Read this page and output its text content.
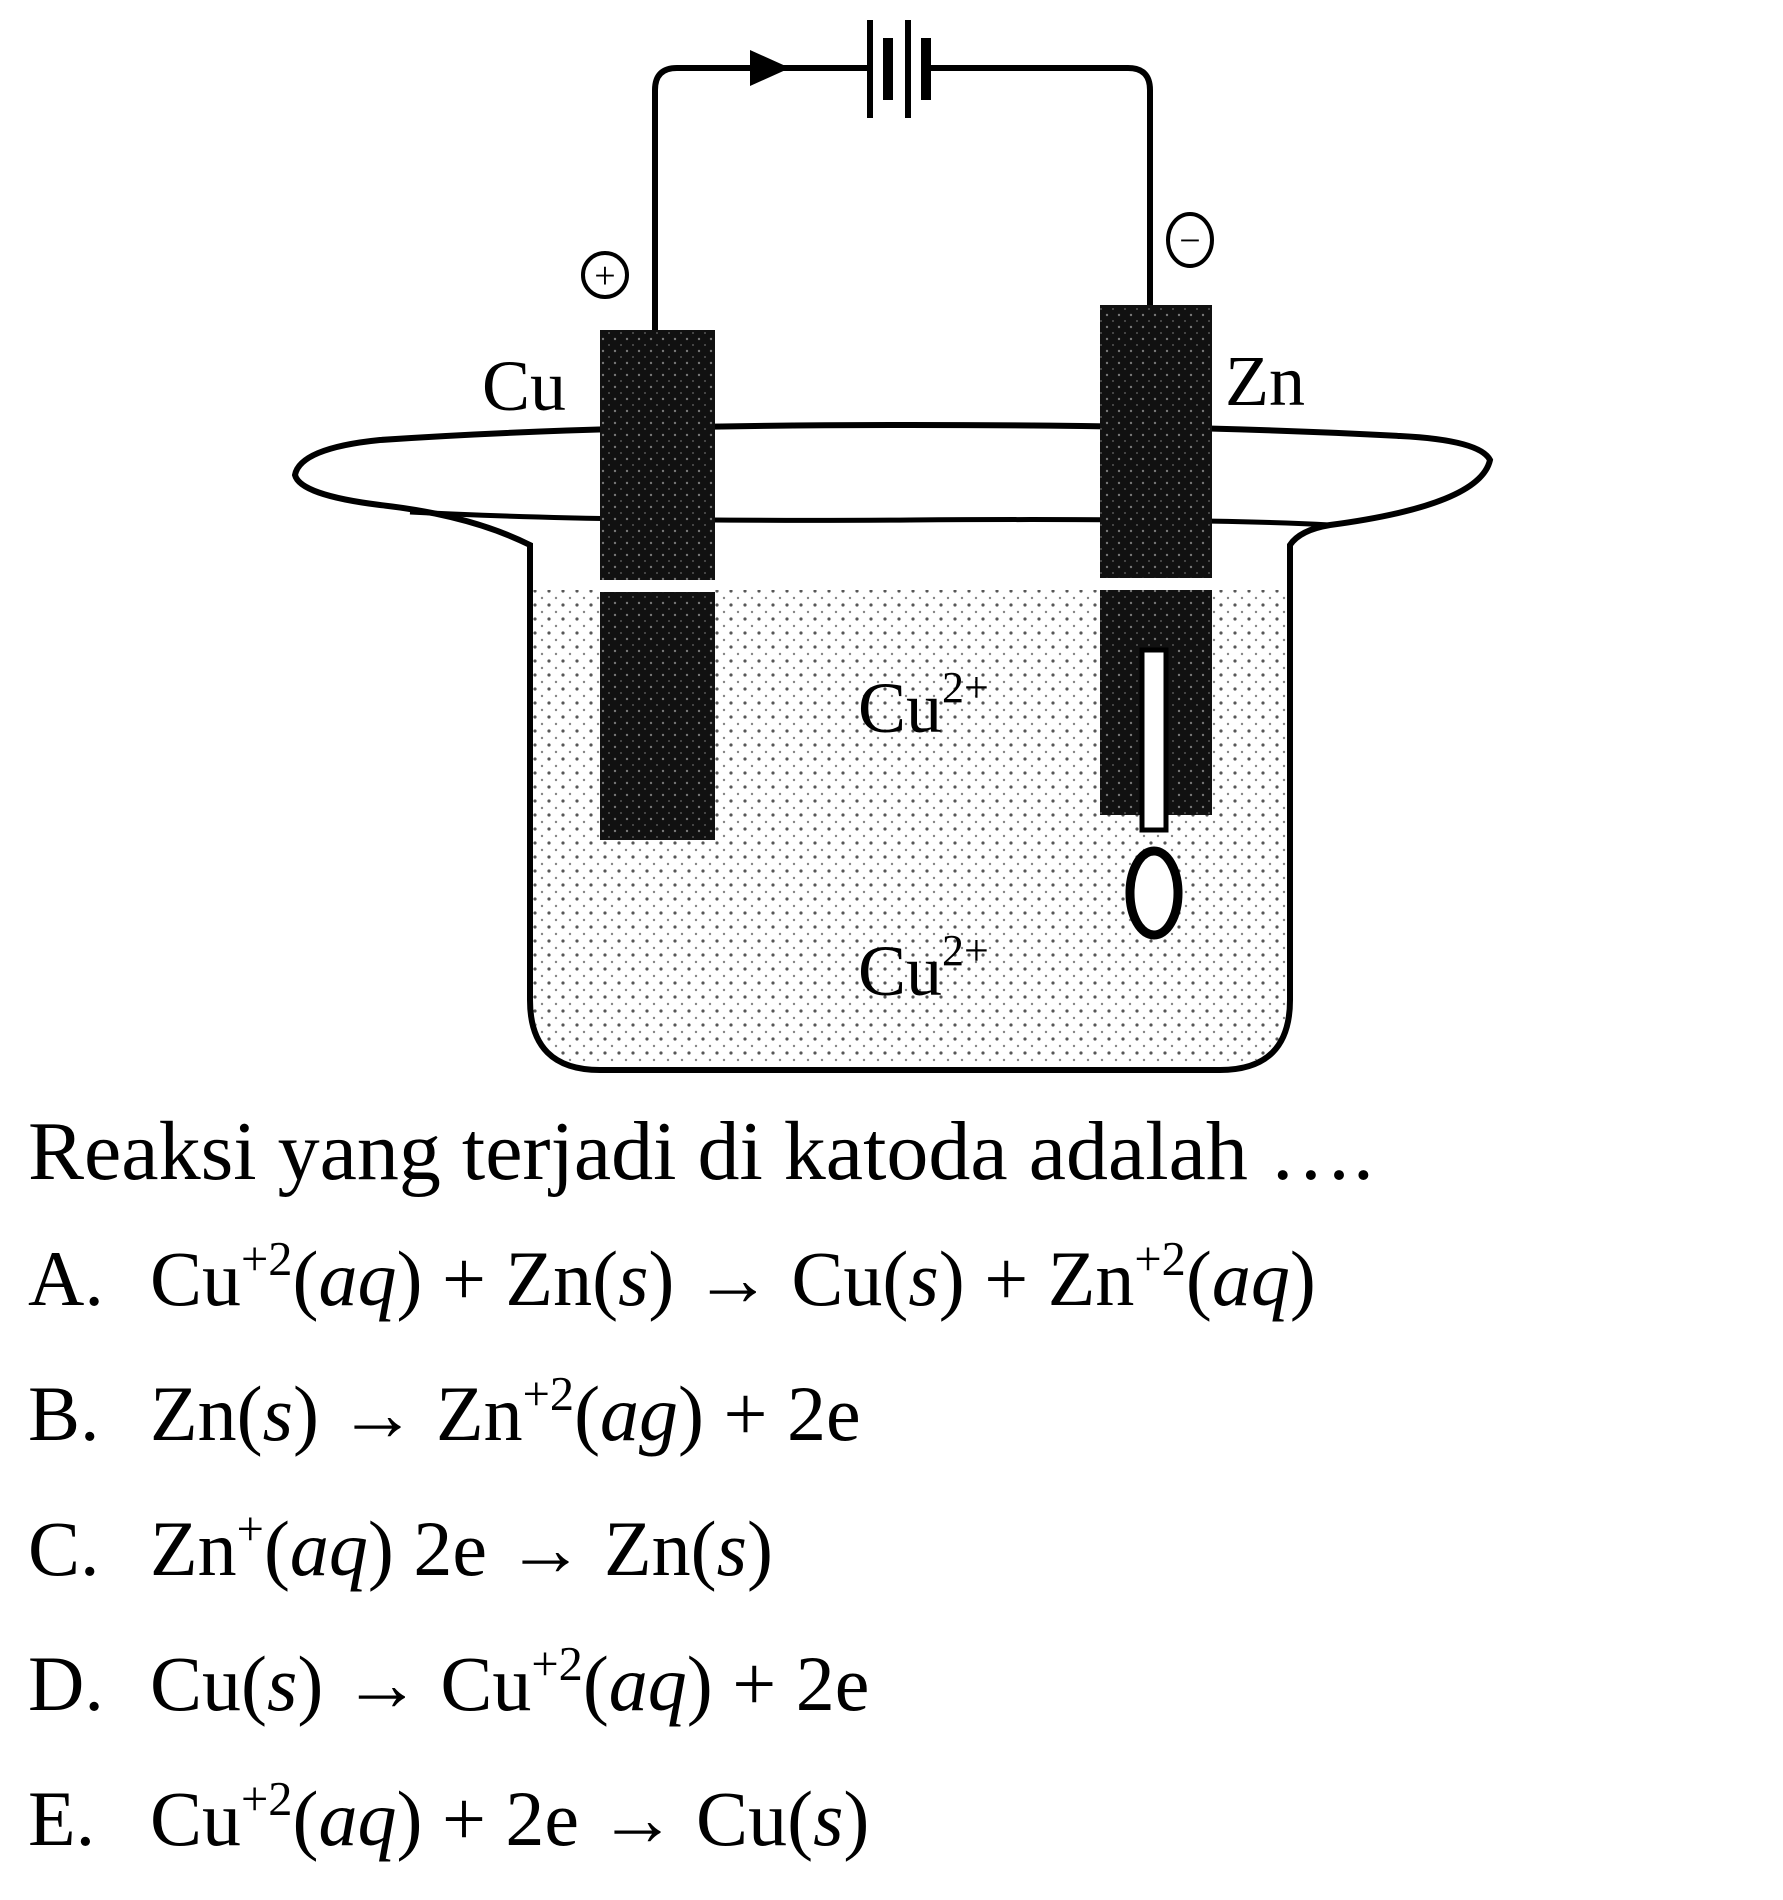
+
−
Cu	Zn
$Cu^{2+}$
$Cu^{2+}$
Reaksi yang terjadi di katoda adalah ….
A. $Cu^{+2}(aq) + Zn(s) \to Cu(s) + Zn^{+2}(aq)$
B. $Zn(s) \to Zn^{+2}(ag) + 2e$
C. Zn+(aq) 2e → Zn(s)
D. $Cu(s) \to Cu^{+2}(aq) + 2e$
E. $Cu^{+2}(aq) + 2e \to Cu(s)$
